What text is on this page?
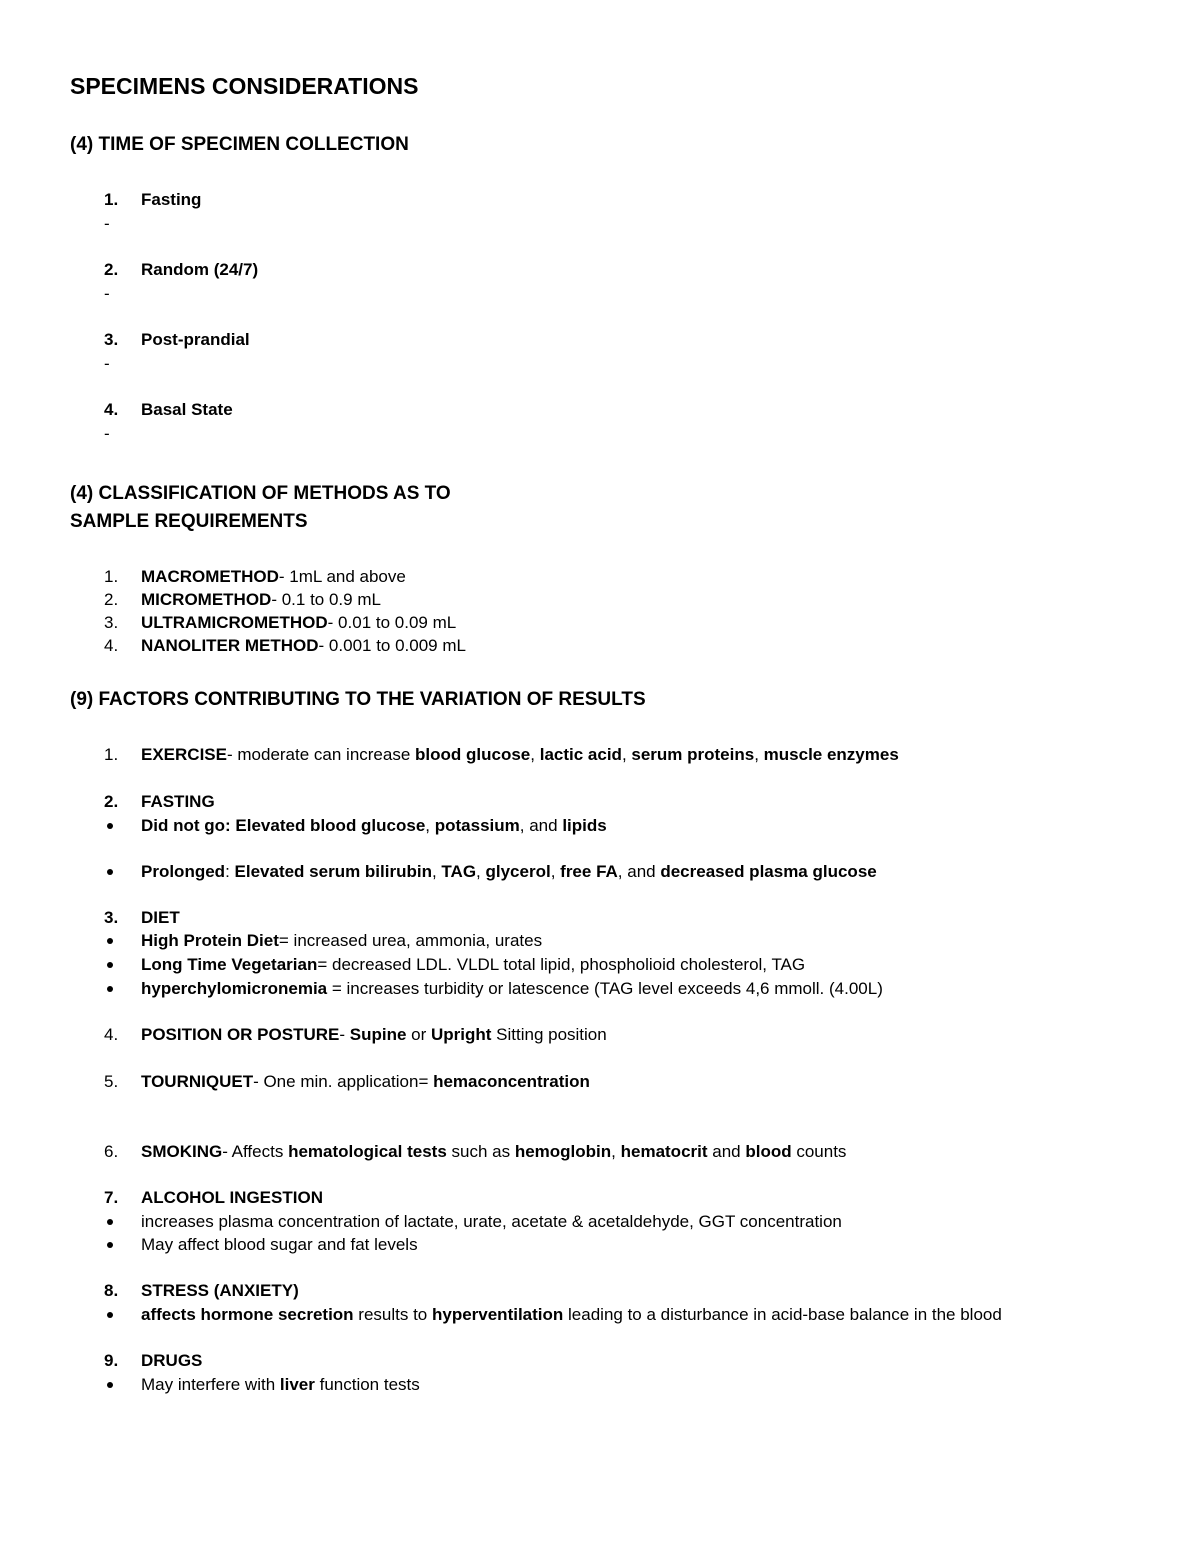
SPECIMENS CONSIDERATIONS
(4) TIME OF SPECIMEN COLLECTION
1.	Fasting
-
2.	Random (24/7)
-
3.	Post-prandial
-
4.	Basal State
-
(4) CLASSIFICATION OF METHODS AS TO
SAMPLE REQUIREMENTS
1.	MACROMETHOD- 1mL and above
2.	MICROMETHOD- 0.1 to 0.9 mL
3.	ULTRAMICROMETHOD- 0.01 to 0.09 mL
4.	NANOLITER METHOD- 0.001 to 0.009 mL
(9) FACTORS CONTRIBUTING TO THE VARIATION OF RESULTS
1.	EXERCISE- moderate can increase blood glucose, lactic acid, serum proteins, muscle enzymes
2.	FASTING
Did not go: Elevated blood glucose, potassium, and lipids
Prolonged: Elevated serum bilirubin, TAG, glycerol, free FA, and decreased plasma glucose
3.	DIET
High Protein Diet= increased urea, ammonia, urates
Long Time Vegetarian= decreased LDL. VLDL total lipid, phospholioid cholesterol, TAG
hyperchylomicronemia = increases turbidity or latescence (TAG level exceeds 4,6 mmoll. (4.00L)
4.	POSITION OR POSTURE- Supine or Upright Sitting position
5.	TOURNIQUET- One min. application= hemaconcentration
6.	SMOKING- Affects hematological tests such as hemoglobin, hematocrit and blood counts
7.	ALCOHOL INGESTION
increases plasma concentration of lactate, urate, acetate & acetaldehyde, GGT concentration
May affect blood sugar and fat levels
8.	STRESS (ANXIETY)
affects hormone secretion results to hyperventilation leading to a disturbance in acid-base balance in the blood
9.	DRUGS
May interfere with liver function tests
